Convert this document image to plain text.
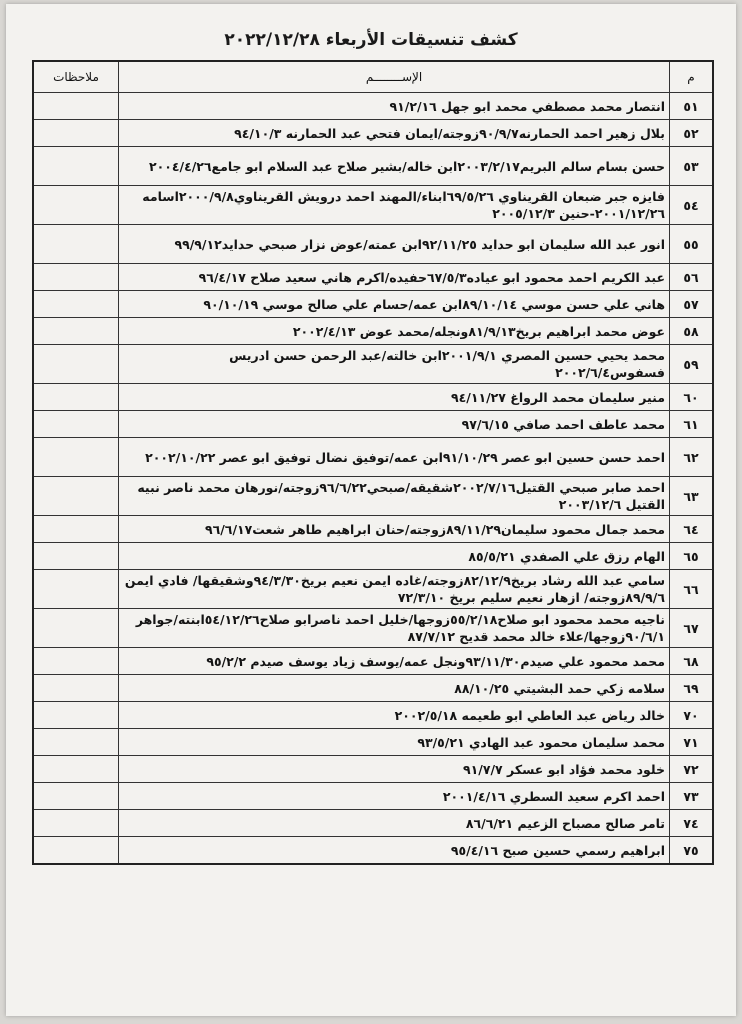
كشف تنسيقات الأربعاء ٢٠٢٢/١٢/٢٨
م	الإســــــــم	ملاحظات
٥١	انتصار محمد مصطفي محمد ابو جهل ٩١/٢/١٦	
٥٢	بلال زهير احمد الحمارنه٩٠/٩/٧زوجته/ايمان فتحي عبد الحمارنه ٩٤/١٠/٣	
٥٣	حسن بسام سالم البريم٢٠٠٣/٢/١٧ابن خاله/بشير صلاح عبد السلام ابو جامع٢٠٠٤/٤/٢٦	
٥٤	فايزه جبر ضبعان القريناوي ٦٩/٥/٢٦ابناء/المهند احمد درويش القريناوي٢٠٠٠/٩/٨اسامه ٢٠٠١/١٢/٢٦-حنين ٢٠٠٥/١٢/٣	
٥٥	انور عبد الله سليمان ابو حدايد ٩٢/١١/٢٥ابن عمته/عوض نزار صبحي حدايد٩٩/٩/١٢	
٥٦	عبد الكريم احمد محمود ابو عياده٦٧/٥/٣حفيده/اكرم هاني سعيد صلاح ٩٦/٤/١٧	
٥٧	هاني علي حسن موسي ٨٩/١٠/١٤ابن عمه/حسام علي صالح موسي ٩٠/١٠/١٩	
٥٨	عوض محمد ابراهيم بريخ٨١/٩/١٣ونجله/محمد عوض ٢٠٠٢/٤/١٣	
٥٩	محمد يحيي حسين المصري ٢٠٠١/٩/١ابن خالته/عبد الرحمن حسن ادريس فسفوس٢٠٠٢/٦/٤	
٦٠	منير سليمان محمد الرواغ ٩٤/١١/٢٧	
٦١	محمد عاطف احمد صافي ٩٧/٦/١٥	
٦٢	احمد حسن حسين ابو عصر ٩١/١٠/٢٩ابن عمه/توفيق نضال توفيق ابو عصر ٢٠٠٢/١٠/٢٢	
٦٣	احمد صابر صبحي القتيل٢٠٠٢/٧/١٦شقيقه/صبحي٩٦/٦/٢٢زوجته/نورهان محمد ناصر نبيه القتيل ٢٠٠٣/١٢/٦	
٦٤	محمد جمال محمود سليمان٨٩/١١/٢٩زوجته/حنان ابراهيم طاهر شعت٩٦/٦/١٧	
٦٥	الهام رزق علي الصفدي ٨٥/٥/٢١	
٦٦	سامي عبد الله رشاد بريخ٨٢/١٢/٩زوجته/غاده ايمن نعيم بريخ٩٤/٣/٣٠وشقيقها/ فادي ايمن ٨٩/٩/٦زوجته/ ازهار نعيم سليم بريخ ٧٢/٣/١٠	
٦٧	ناجيه محمد محمود ابو صلاح٥٥/٢/١٨زوجها/خليل احمد ناصرابو صلاح٥٤/١٢/٢٦ابنته/جواهر ٩٠/٦/١زوجها/علاء خالد محمد قديح ٨٧/٧/١٢	
٦٨	محمد محمود علي صيدم٩٣/١١/٣٠ونجل عمه/يوسف زياد يوسف صيدم ٩٥/٢/٢	
٦٩	سلامه زكي حمد البشيتي ٨٨/١٠/٢٥	
٧٠	خالد رياض عبد العاطي ابو طعيمه ٢٠٠٢/٥/١٨	
٧١	محمد سليمان محمود عبد الهادي ٩٣/٥/٢١	
٧٢	خلود محمد فؤاد ابو عسكر ٩١/٧/٧	
٧٣	احمد اكرم سعيد السطري ٢٠٠١/٤/١٦	
٧٤	تامر صالح مصباح الزعيم ٨٦/٦/٢١	
٧٥	ابراهيم رسمي حسين صبح ٩٥/٤/١٦	
